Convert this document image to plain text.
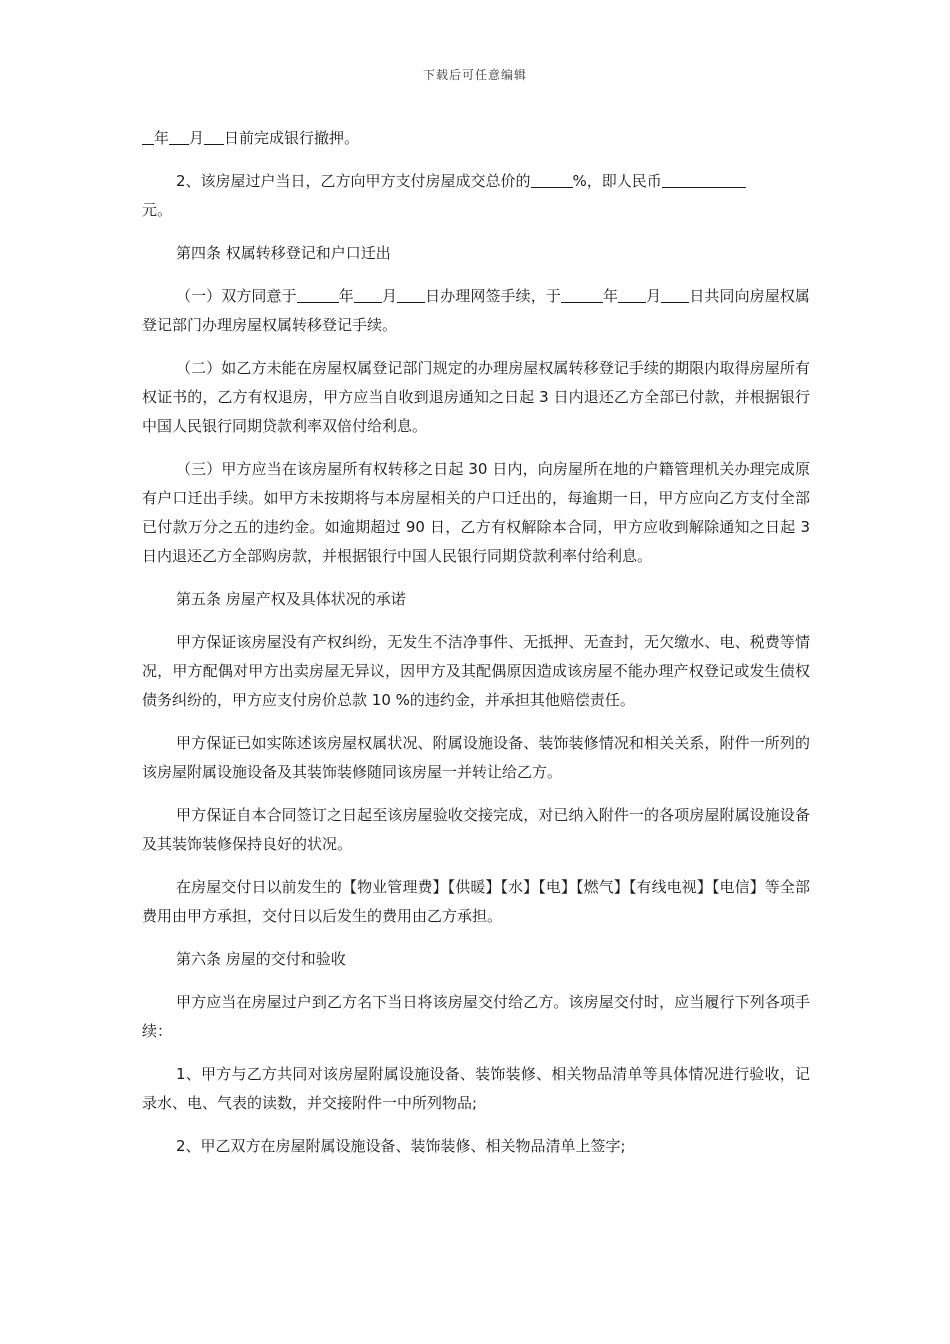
下载后可任意编辑

年 月 日前完成银行撤押。

2、该房屋过户当日，乙方向甲方支付房屋成交总价的	%，即人民币
元。

第四条 权属转移登记和户口迁出

（一）双方同意于	年 月 日办理网签手续，于	年 月 日共同向房屋权属登记部门办理房屋权属转移登记手续。

（二）如乙方未能在房屋权属登记部门规定的办理房屋权属转移登记手续的期限内取得房屋所有权证书的，乙方有权退房，甲方应当自收到退房通知之日起 3 日内退还乙方全部已付款，并根据银行中国人民银行同期贷款利率双倍付给利息。

（三）甲方应当在该房屋所有权转移之日起 30 日内，向房屋所在地的户籍管理机关办理完成原有户口迁出手续。如甲方未按期将与本房屋相关的户口迁出的，每逾期一日，甲方应向乙方支付全部已付款万分之五的违约金。如逾期超过 90 日，乙方有权解除本合同，甲方应收到解除通知之日起 3 日内退还乙方全部购房款，并根据银行中国人民银行同期贷款利率付给利息。

第五条 房屋产权及具体状况的承诺

甲方保证该房屋没有产权纠纷，无发生不洁净事件、无抵押、无查封，无欠缴水、电、税费等情况，甲方配偶对甲方出卖房屋无异议，因甲方及其配偶原因造成该房屋不能办理产权登记或发生债权债务纠纷的，甲方应支付房价总款 10 %的违约金，并承担其他赔偿责任。

甲方保证已如实陈述该房屋权属状况、附属设施设备、装饰装修情况和相关关系，附件一所列的该房屋附属设施设备及其装饰装修随同该房屋一并转让给乙方。

甲方保证自本合同签订之日起至该房屋验收交接完成，对已纳入附件一的各项房屋附属设施设备及其装饰装修保持良好的状况。

在房屋交付日以前发生的【物业管理费】【供暖】【水】【电】【燃气】【有线电视】【电信】等全部费用由甲方承担，交付日以后发生的费用由乙方承担。

第六条 房屋的交付和验收

甲方应当在房屋过户到乙方名下当日将该房屋交付给乙方。该房屋交付时，应当履行下列各项手续：

1、甲方与乙方共同对该房屋附属设施设备、装饰装修、相关物品清单等具体情况进行验收，记录水、电、气表的读数，并交接附件一中所列物品;

2、甲乙双方在房屋附属设施设备、装饰装修、相关物品清单上签字;
